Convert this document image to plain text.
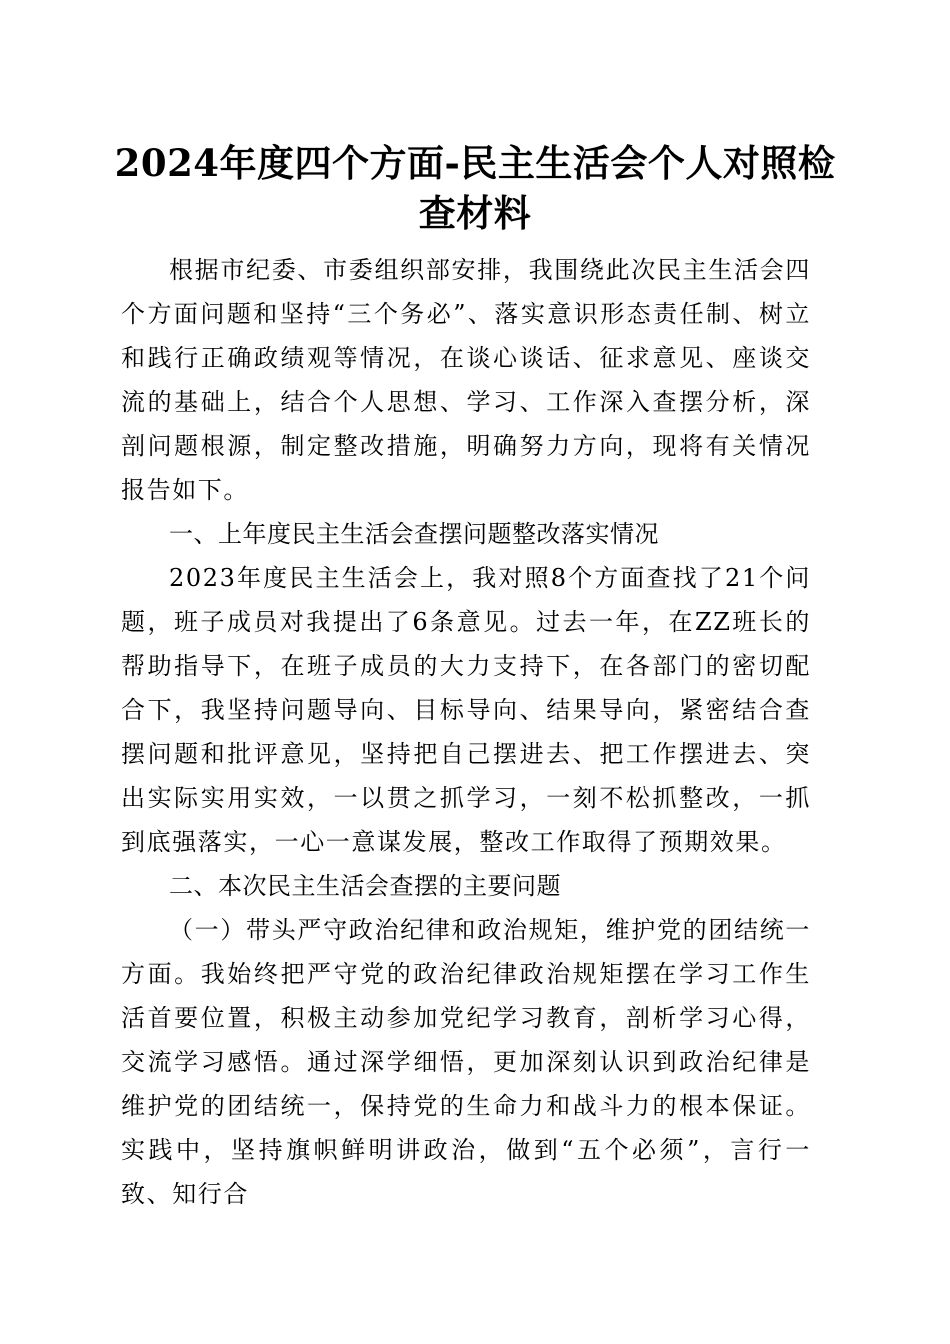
2024年度四个方面-民主生活会个人对照检查材料

根据市纪委、市委组织部安排，我围绕此次民主生活会四个方面问题和坚持“三个务必”、落实意识形态责任制、树立和践行正确政绩观等情况，在谈心谈话、征求意见、座谈交流的基础上，结合个人思想、学习、工作深入查摆分析，深剖问题根源，制定整改措施，明确努力方向，现将有关情况报告如下。

一、上年度民主生活会查摆问题整改落实情况

2023年度民主生活会上，我对照8个方面查找了21个问题，班子成员对我提出了6条意见。过去一年，在ZZ班长的帮助指导下，在班子成员的大力支持下，在各部门的密切配合下，我坚持问题导向、目标导向、结果导向，紧密结合查摆问题和批评意见，坚持把自己摆进去、把工作摆进去、突出实际实用实效，一以贯之抓学习，一刻不松抓整改，一抓到底强落实，一心一意谋发展，整改工作取得了预期效果。

二、本次民主生活会查摆的主要问题

（一）带头严守政治纪律和政治规矩，维护党的团结统一方面。我始终把严守党的政治纪律政治规矩摆在学习工作生活首要位置，积极主动参加党纪学习教育，剖析学习心得，交流学习感悟。通过深学细悟，更加深刻认识到政治纪律是维护党的团结统一，保持党的生命力和战斗力的根本保证。实践中，坚持旗帜鲜明讲政治，做到“五个必须”，言行一致、知行合
